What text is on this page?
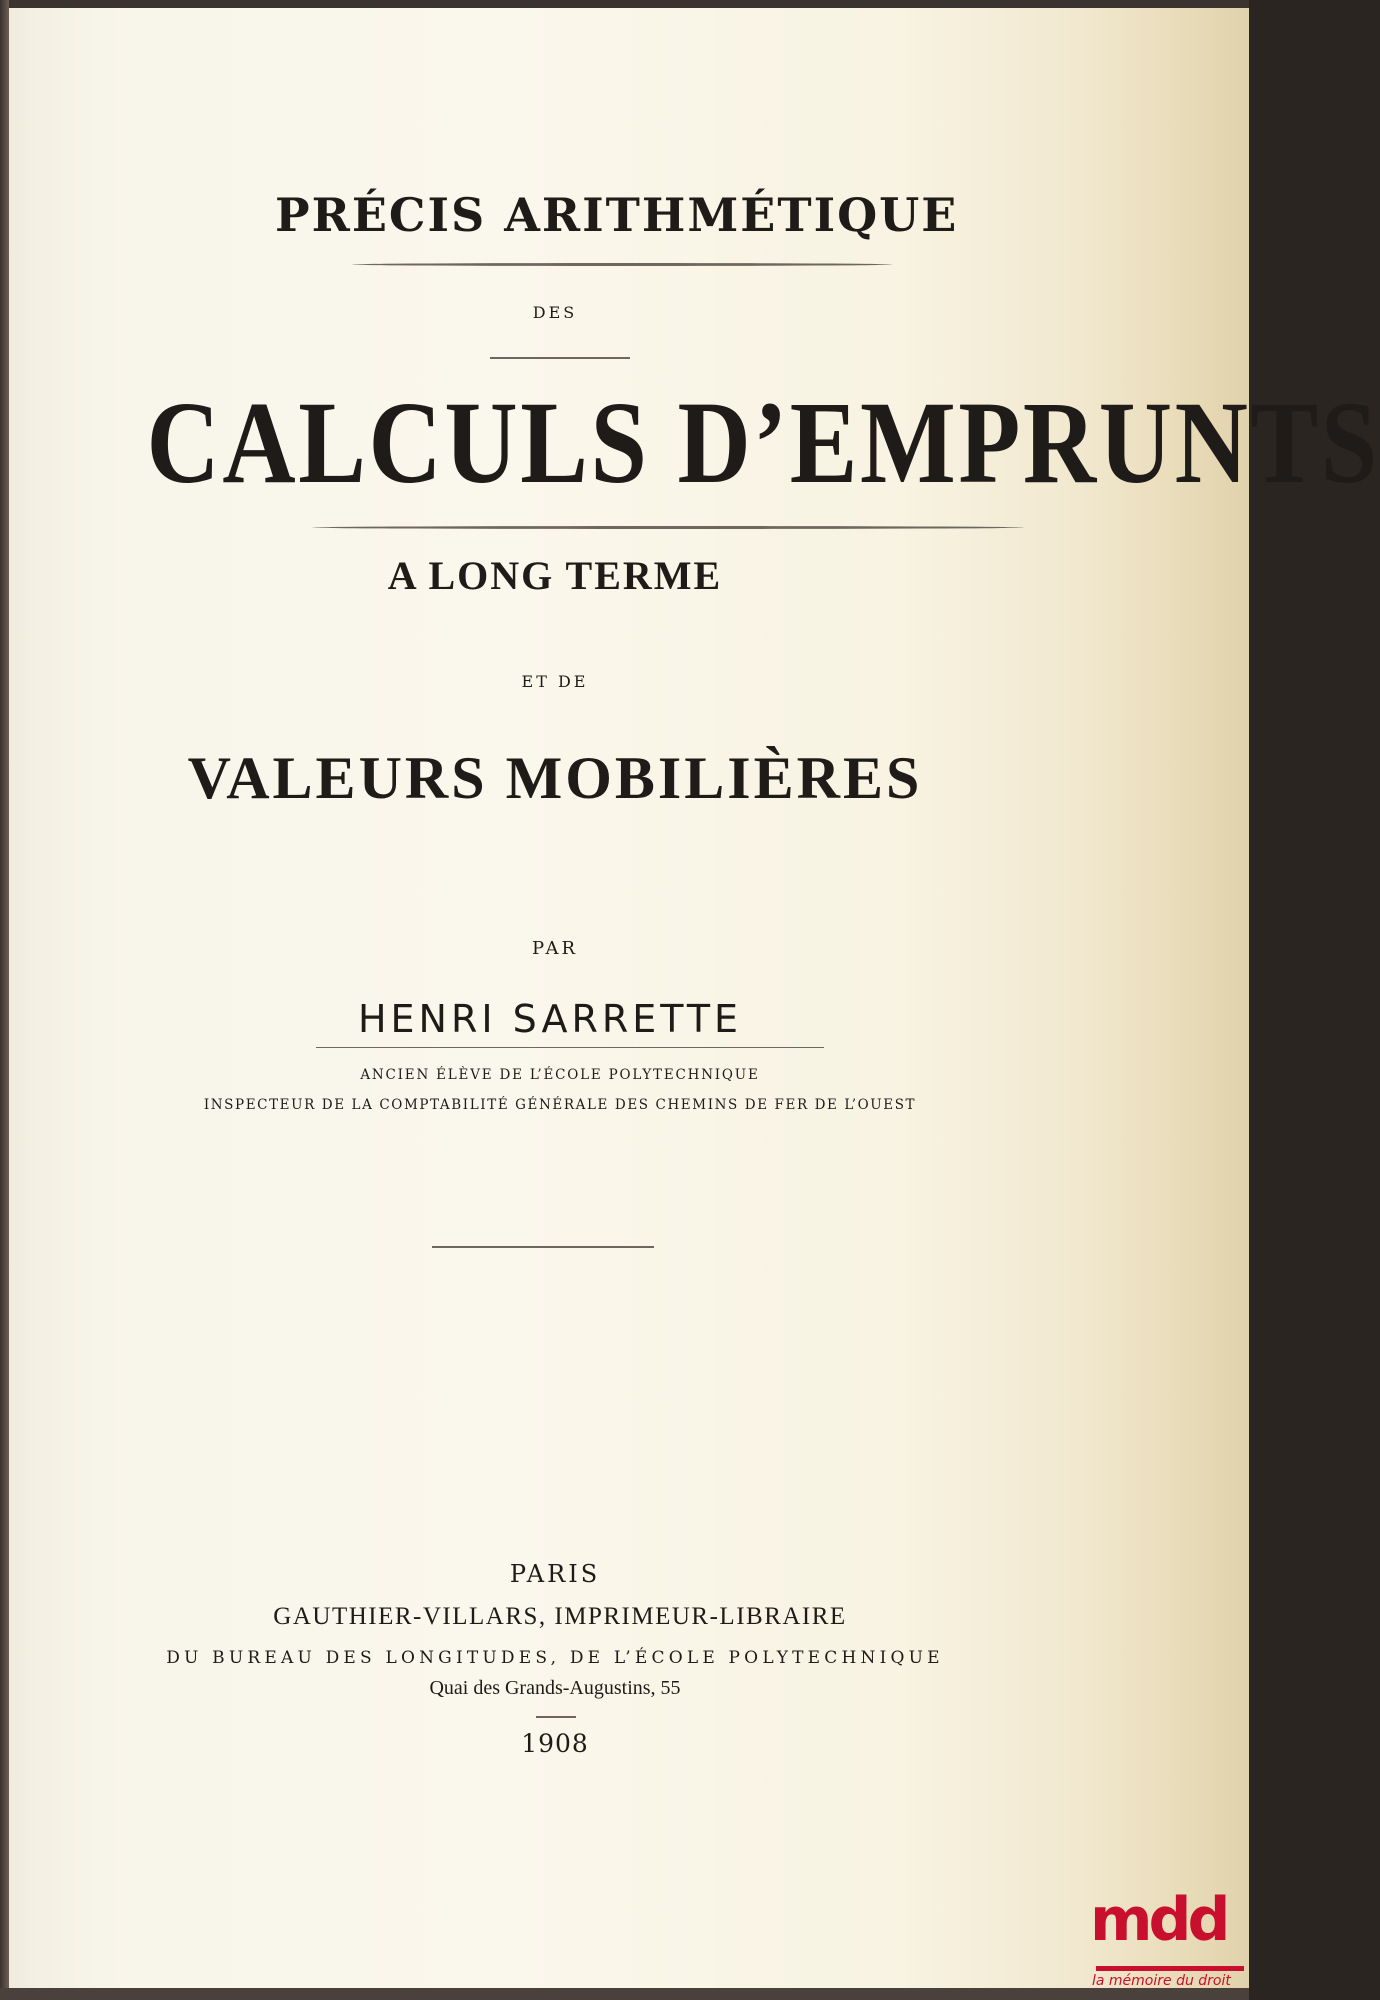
PRÉCIS ARITHMÉTIQUE
DES
CALCULS D’EMPRUNTS
A LONG TERME
ET DE
VALEURS MOBILIÈRES
PAR
HENRI SARRETTE
ANCIEN ÉLÈVE DE L’ÉCOLE POLYTECHNIQUE
INSPECTEUR DE LA COMPTABILITÉ GÉNÉRALE DES CHEMINS DE FER DE L’OUEST
PARIS
GAUTHIER-VILLARS, IMPRIMEUR-LIBRAIRE
DU BUREAU DES LONGITUDES, DE L’ÉCOLE POLYTECHNIQUE
Quai des Grands-Augustins, 55
1908
mdd
la mémoire du droit
